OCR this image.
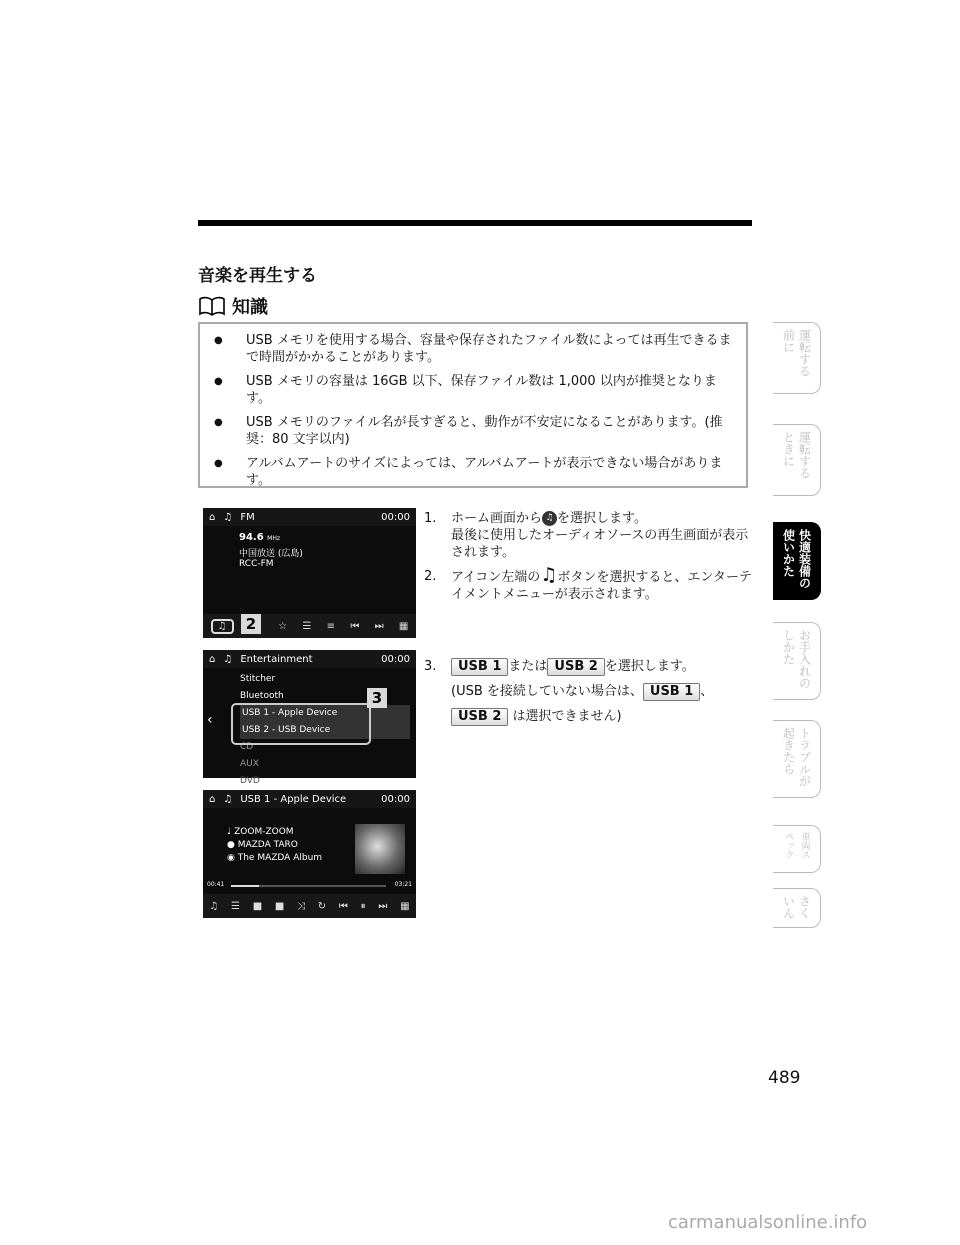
音楽を再生する
知識
● USB メモリを使用する場合、容量や保存されたファイル数によっては再生できるまで時間がかかることがあります。
● USB メモリの容量は 16GB 以下、保存ファイル数は 1,000 以内が推奨となります。
● USB メモリのファイル名が長すぎると、動作が不安定になることがあります。(推奨：80 文字以内)
● アルバムアートのサイズによっては、アルバムアートが表示できない場合があります。
⌂ ♫ FM	00:00
94.6 MHz
中国放送 (広島)
RCC-FM
♫	☆ ☰ ≡ ⏮ ⏭ ▦
2
⌂ ♫ Entertainment	00:00
‹
Stitcher
Bluetooth
USB 1 - Apple Device
USB 2 - USB Device
CD
AUX
DVD
3
⌂ ♫ USB 1 - Apple Device	00:00
♩ ZOOM-ZOOM
● MAZDA TARO
◉ The MAZDA Album
00:41	03:21
♫ ☰ ■ ■ ⤨ ↻ ⏮ ⏸ ⏭ ▦
1. ホーム画面から ♫ を選択します。
最後に使用したオーディオソースの再生画面が表示されます。
2. アイコン左端の♫ボタンを選択すると、エンターテイメントメニューが表示されます。
3.	USB 1 または USB 2 を選択します。
(USB を接続していない場合は、 USB 1 、
USB 2 は選択できません)
運転する前に
運転するときに
快適装備の使いかた
お手入れのしかた
トラブルが起きたら
車両スペック
さくいん
489
carmanualsonline.info
